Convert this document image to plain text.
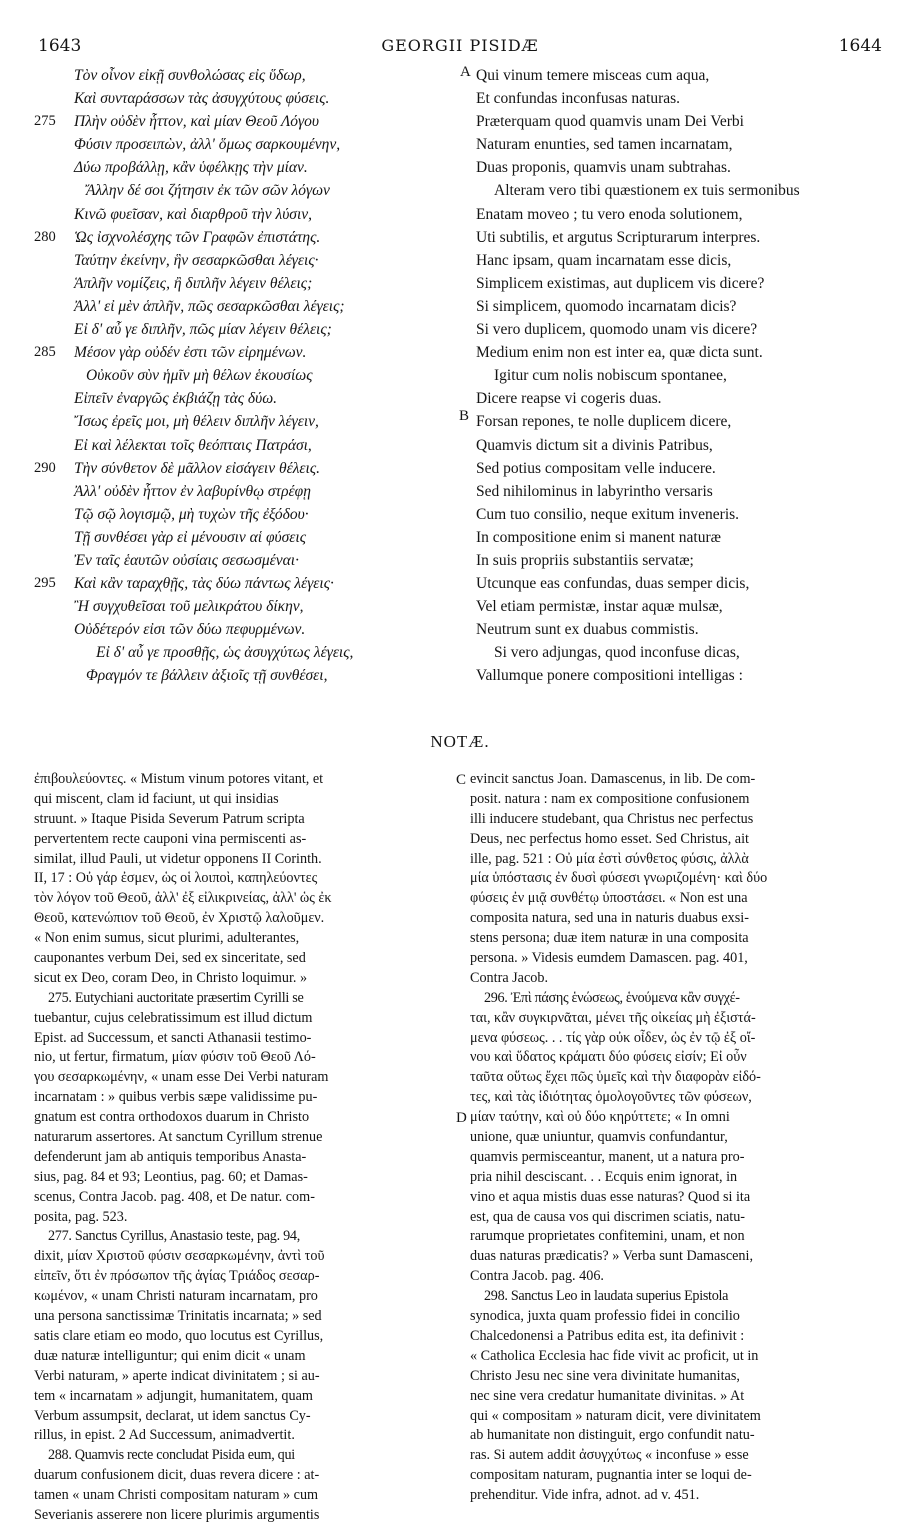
1643	GEORGII PISIDÆ	1644
Τὸν οἶνον εἰκῇ συνθολώσας εἰς ὕδωρ,
Καὶ συνταράσσων τὰς ἀσυγχύτους φύσεις.
275	Πλὴν οὐδὲν ἧττον, καὶ μίαν Θεοῦ Λόγου
Φύσιν προσειπὼν, ἀλλ' ὅμως σαρκουμένην,
Δύω προβάλλῃ, κἂν ὑφέλκῃς τὴν μίαν.
Ἄλλην δέ σοι ζήτησιν ἐκ τῶν σῶν λόγων
Κινῶ φυεῖσαν, καὶ διαρθροῦ τὴν λύσιν,
280	Ὡς ἰσχνολέσχης τῶν Γραφῶν ἐπιστάτης.
Ταύτην ἐκείνην, ἣν σεσαρκῶσθαι λέγεις·
Ἁπλῆν νομίζεις, ἢ διπλῆν λέγειν θέλεις;
Ἀλλ' εἰ μὲν ἁπλῆν, πῶς σεσαρκῶσθαι λέγεις;
Εἰ δ' αὖ γε διπλῆν, πῶς μίαν λέγειν θέλεις;
285	Μέσον γὰρ οὐδέν ἐστι τῶν εἰρημένων.
Οὐκοῦν σὺν ἡμῖν μὴ θέλων ἑκουσίως
Εἰπεῖν ἐναργῶς ἐκβιάζῃ τὰς δύω.
Ἴσως ἐρεῖς μοι, μὴ θέλειν διπλῆν λέγειν,
Εἰ καὶ λέλεκται τοῖς θεόπταις Πατράσι,
290	Τὴν σύνθετον δὲ μᾶλλον εἰσάγειν θέλεις.
Ἀλλ' οὐδὲν ἧττον ἐν λαβυρίνθῳ στρέφῃ
Τῷ σῷ λογισμῷ, μὴ τυχὼν τῆς ἐξόδου·
Τῇ συνθέσει γὰρ εἰ μένουσιν αἱ φύσεις
Ἐν ταῖς ἑαυτῶν οὐσίαις σεσωσμέναι·
295	Καὶ κἂν ταραχθῇς, τὰς δύω πάντως λέγεις·
Ἢ συγχυθεῖσαι τοῦ μελικράτου δίκην,
Οὐδέτερόν εἰσι τῶν δύω πεφυρμένων.
Εἰ δ' αὖ γε προσθῇς, ὡς ἀσυγχύτως λέγεις,
Φραγμόν τε βάλλειν ἀξιοῖς τῇ συνθέσει,
Qui vinum temere misceas cum aqua,
Et confundas inconfusas naturas.
Præterquam quod quamvis unam Dei Verbi
Naturam enunties, sed tamen incarnatam,
Duas proponis, quamvis unam subtrahas.
Alteram vero tibi quæstionem ex tuis sermonibus
Enatam moveo ; tu vero enoda solutionem,
Uti subtilis, et argutus Scripturarum interpres.
Hanc ipsam, quam incarnatam esse dicis,
Simplicem existimas, aut duplicem vis dicere?
Si simplicem, quomodo incarnatam dicis?
Si vero duplicem, quomodo unam vis dicere?
Medium enim non est inter ea, quæ dicta sunt.
Igitur cum nolis nobiscum spontanee,
Dicere reapse vi cogeris duas.
Forsan repones, te nolle duplicem dicere,
Quamvis dictum sit a divinis Patribus,
Sed potius compositam velle inducere.
Sed nihilominus in labyrintho versaris
Cum tuo consilio, neque exitum inveneris.
In compositione enim si manent naturæ
In suis propriis substantiis servatæ;
Utcunque eas confundas, duas semper dicis,
Vel etiam permistæ, instar aquæ mulsæ,
Neutrum sunt ex duabus commistis.
Si vero adjungas, quod inconfuse dicas,
Vallumque ponere compositioni intelligas :
A
B
C
D
NOTÆ.
ἐπιβουλεύοντες. « Mistum vinum potores vitant, et
qui miscent, clam id faciunt, ut qui insidias
struunt. » Itaque Pisida Severum Patrum scripta
pervertentem recte cauponi vina permiscenti as-
similat, illud Pauli, ut videtur opponens II Corinth.
II, 17 : Οὐ γάρ ἐσμεν, ὡς οἱ λοιποὶ, καπηλεύοντες
τὸν λόγον τοῦ Θεοῦ, ἀλλ' ἐξ εἰλικρινείας, ἀλλ' ὡς ἐκ
Θεοῦ, κατενώπιον τοῦ Θεοῦ, ἐν Χριστῷ λαλοῦμεν.
« Non enim sumus, sicut plurimi, adulterantes,
cauponantes verbum Dei, sed ex sinceritate, sed
sicut ex Deo, coram Deo, in Christo loquimur. »
275. Eutychiani auctoritate præsertim Cyrilli se
tuebantur, cujus celebratissimum est illud dictum
Epist. ad Successum, et sancti Athanasii testimo-
nio, ut fertur, firmatum, μίαν φύσιν τοῦ Θεοῦ Λό-
γου σεσαρκωμένην, « unam esse Dei Verbi naturam
incarnatam : » quibus verbis sæpe validissime pu-
gnatum est contra orthodoxos duarum in Christo
naturarum assertores. At sanctum Cyrillum strenue
defenderunt jam ab antiquis temporibus Anasta-
sius, pag. 84 et 93; Leontius, pag. 60; et Damas-
scenus, Contra Jacob. pag. 408, et De natur. com-
posita, pag. 523.
277. Sanctus Cyrillus, Anastasio teste, pag. 94,
dixit, μίαν Χριστοῦ φύσιν σεσαρκωμένην, ἀντὶ τοῦ
εἰπεῖν, ὅτι ἐν πρόσωπον τῆς ἁγίας Τριάδος σεσαρ-
κωμένον, « unam Christi naturam incarnatam, pro
una persona sanctissimæ Trinitatis incarnata; » sed
satis clare etiam eo modo, quo locutus est Cyrillus,
duæ naturæ intelliguntur; qui enim dicit « unam
Verbi naturam, » aperte indicat divinitatem ; si au-
tem « incarnatam » adjungit, humanitatem, quam
Verbum assumpsit, declarat, ut idem sanctus Cy-
rillus, in epist. 2 Ad Successum, animadvertit.
288. Quamvis recte concludat Pisida eum, qui
duarum confusionem dicit, duas revera dicere : at-
tamen « unam Christi compositam naturam » cum
Severianis asserere non licere plurimis argumentis
evincit sanctus Joan. Damascenus, in lib. De com-
posit. natura : nam ex compositione confusionem
illi inducere studebant, qua Christus nec perfectus
Deus, nec perfectus homo esset. Sed Christus, ait
ille, pag. 521 : Οὐ μία ἐστὶ σύνθετος φύσις, ἀλλὰ
μία ὑπόστασις ἐν δυσὶ φύσεσι γνωριζομένη· καὶ δύο
φύσεις ἐν μιᾷ συνθέτῳ ὑποστάσει. « Non est una
composita natura, sed una in naturis duabus exsi-
stens persona; duæ item naturæ in una composita
persona. » Videsis eumdem Damascen. pag. 401,
Contra Jacob.
296. Ἐπὶ πάσης ἑνώσεως, ἑνούμενα κἂν συγχέ-
ται, κἂν συγκιρνᾶται, μένει τῆς οἰκείας μὴ ἐξιστά-
μενα φύσεως. . . τίς γὰρ οὐκ οἶδεν, ὡς ἐν τῷ ἐξ οἴ-
νου καὶ ὕδατος κράματι δύο φύσεις εἰσίν; Εἰ οὖν
ταῦτα οὕτως ἔχει πῶς ὑμεῖς καὶ τὴν διαφορὰν εἰδό-
τες, καὶ τὰς ἰδιότητας ὁμολογοῦντες τῶν φύσεων,
μίαν ταύτην, καὶ οὐ δύο κηρύττετε; « In omni
unione, quæ uniuntur, quamvis confundantur,
quamvis permisceantur, manent, ut a natura pro-
pria nihil desciscant. . . Ecquis enim ignorat, in
vino et aqua mistis duas esse naturas? Quod si ita
est, qua de causa vos qui discrimen sciatis, natu-
rarumque proprietates confitemini, unam, et non
duas naturas prædicatis? » Verba sunt Damasceni,
Contra Jacob. pag. 406.
298. Sanctus Leo in laudata superius Epistola
synodica, juxta quam professio fidei in concilio
Chalcedonensi a Patribus edita est, ita definivit :
« Catholica Ecclesia hac fide vivit ac proficit, ut in
Christo Jesu nec sine vera divinitate humanitas,
nec sine vera credatur humanitate divinitas. » At
qui « compositam » naturam dicit, vere divinitatem
ab humanitate non distinguit, ergo confundit natu-
ras. Si autem addit ἀσυγχύτως « inconfuse » esse
compositam naturam, pugnantia inter se loqui de-
prehenditur. Vide infra, adnot. ad v. 451.
